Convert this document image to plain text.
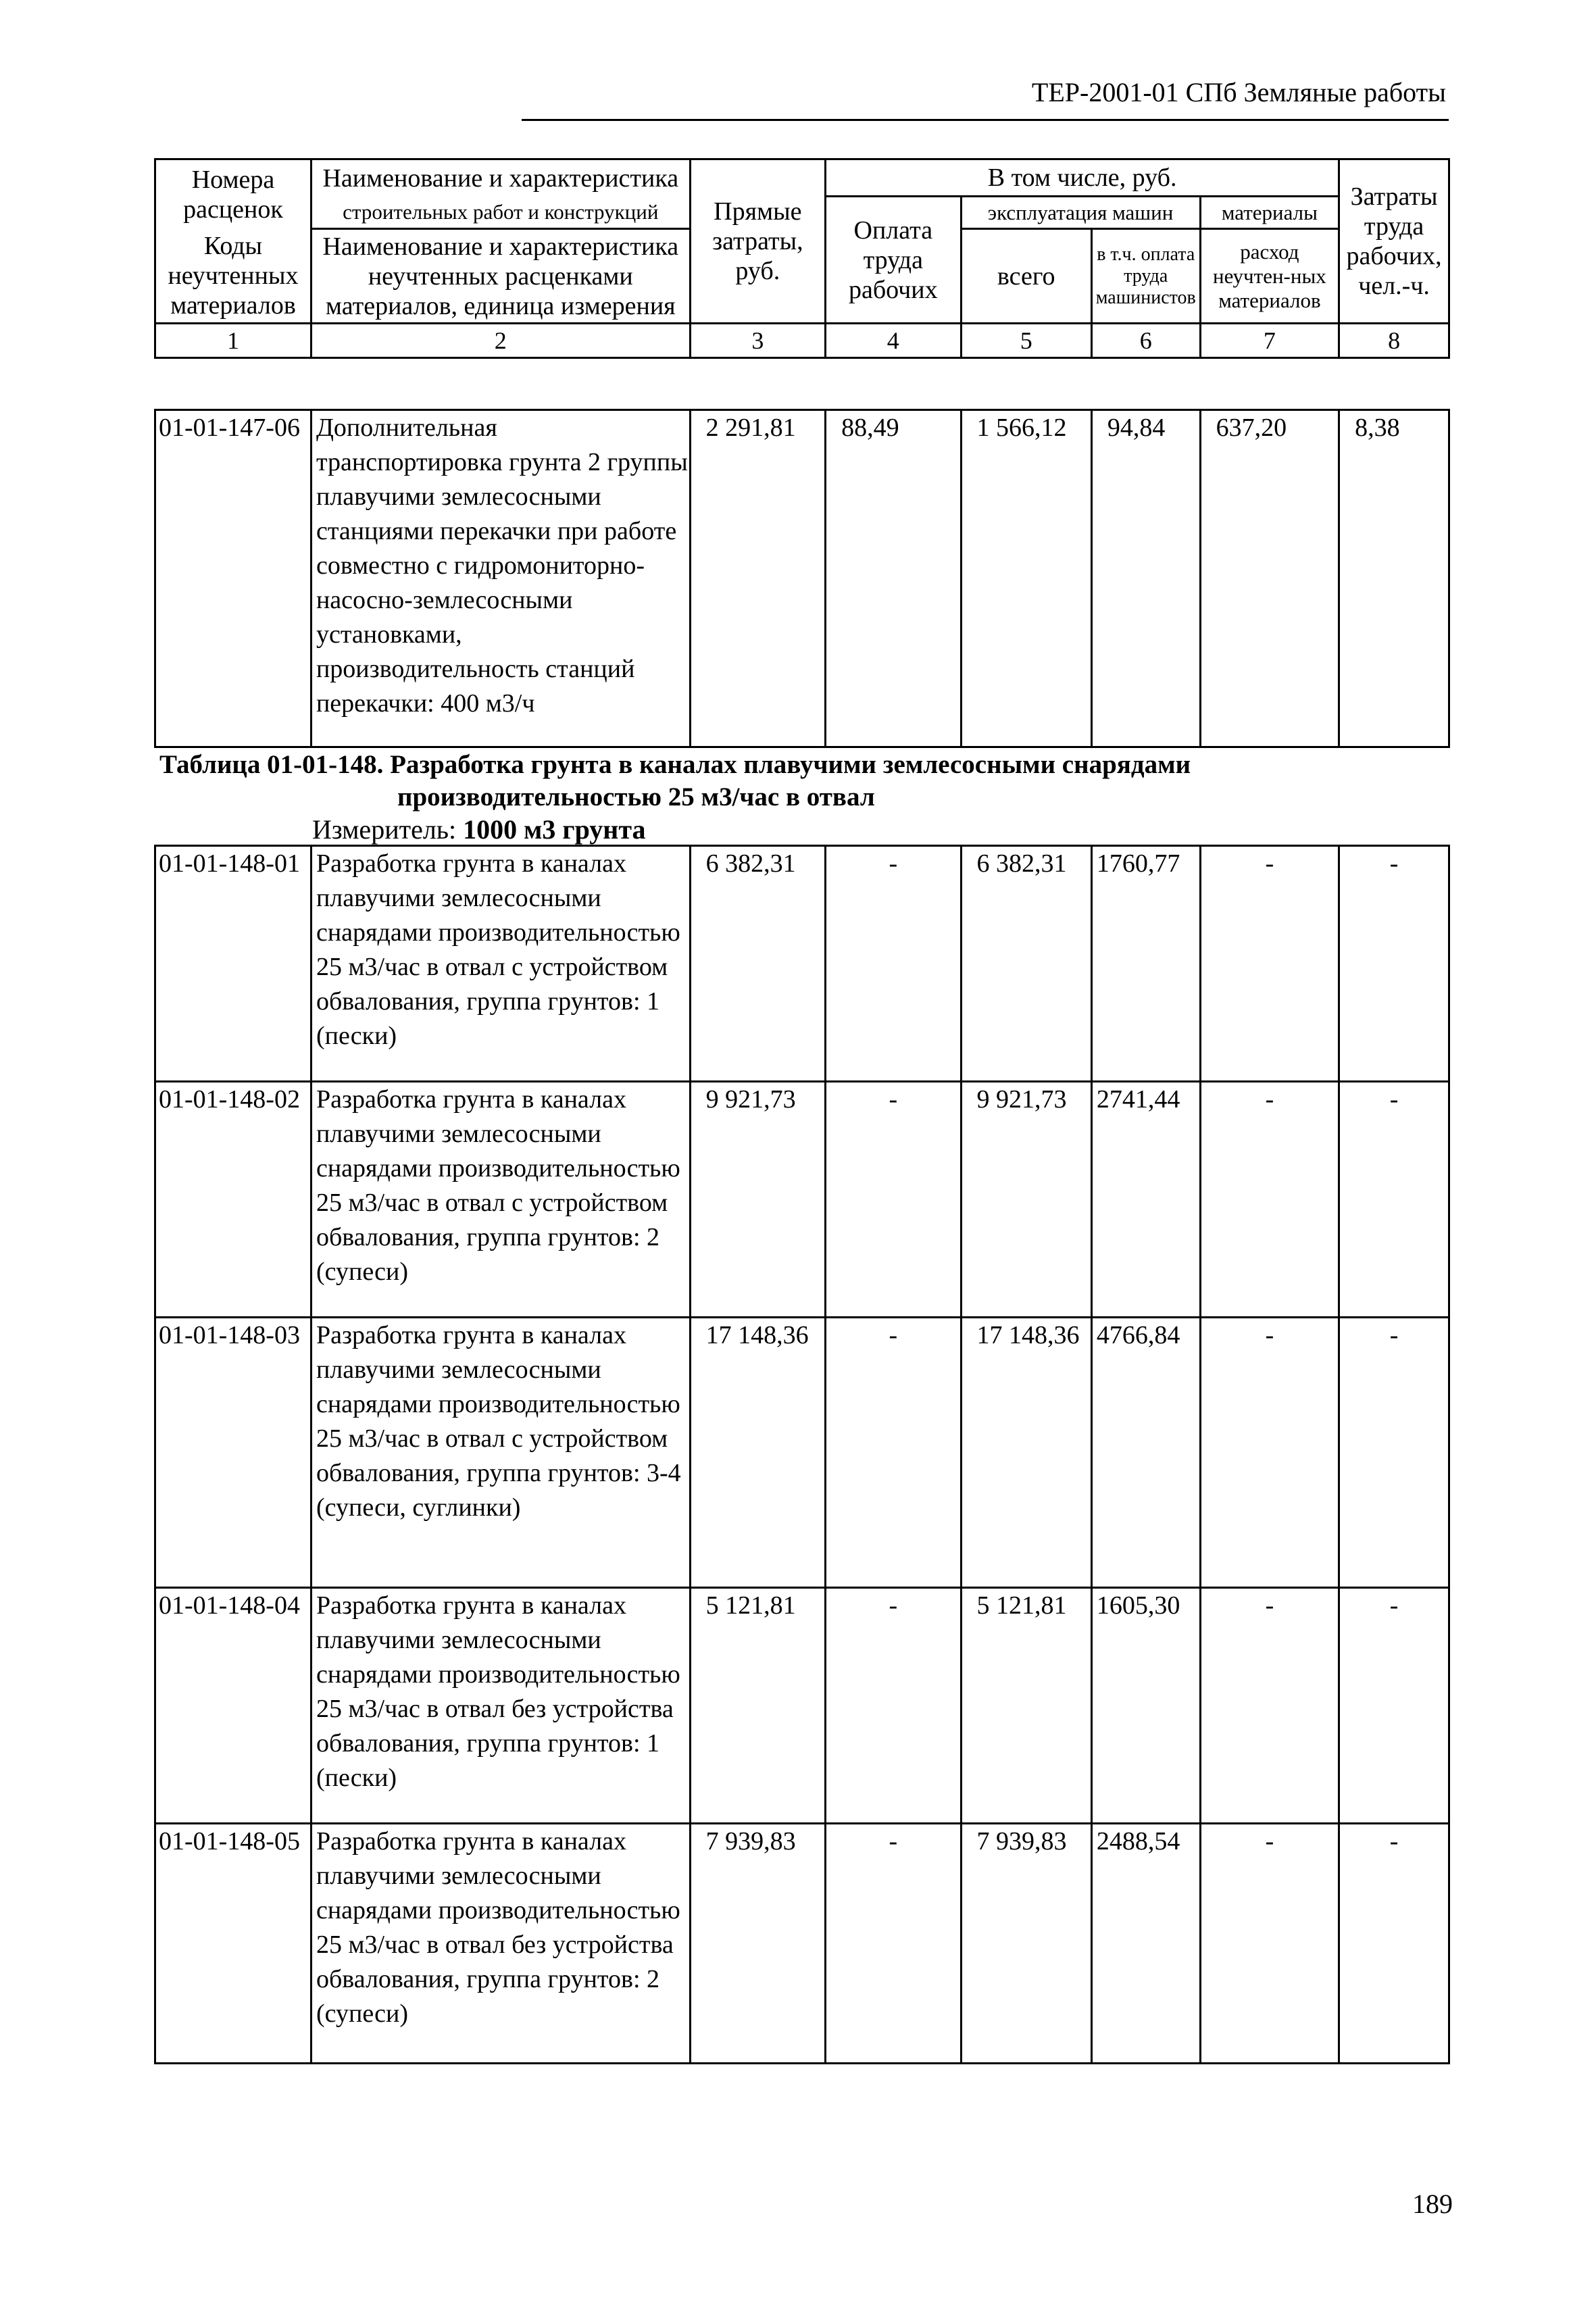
ТЕР-2001-01 СПб Земляные работы
Номера расценок	Наименование и характеристика	Прямые затраты, руб.	В том числе, руб.				Затраты труда рабочих, чел.-ч.
	строительных работ и конструкций		Оплата труда рабочих	эксплуатация машин		материалы	
Коды неучтенных материалов	Наименование и характеристика неучтенных расценками материалов, единица измерения			всего	в т.ч. оплата труда машинистов	расход неучтен-ных материалов	

1	2	3	4	5	6	7	8
01-01-147-06	Дополнительная транспортировка грунта 2 группы плавучими землесосными станциями перекачки при работе совместно с гидромониторно-насосно-землесосными установками, производительность станций перекачки: 400 м3/ч	2 291,81	88,49	1 566,12	94,84	637,20	8,38
Таблица 01-01-148. Разработка грунта в каналах плавучими землесосными снарядами
производительностью 25 м3/час в отвал
Измеритель: 1000 м3 грунта
01-01-148-01	Разработка грунта в каналах плавучими землесосными снарядами производительностью 25 м3/час в отвал с устройством обвалования, группа грунтов: 1 (пески)	6 382,31	-	6 382,31	1760,77	-	-
01-01-148-02	Разработка грунта в каналах плавучими землесосными снарядами производительностью 25 м3/час в отвал с устройством обвалования, группа грунтов: 2 (супеси)	9 921,73	-	9 921,73	2741,44	-	-
01-01-148-03	Разработка грунта в каналах плавучими землесосными снарядами производительностью 25 м3/час в отвал с устройством обвалования, группа грунтов: 3-4 (супеси, суглинки)	17 148,36	-	17 148,36	4766,84	-	-
01-01-148-04	Разработка грунта в каналах плавучими землесосными снарядами производительностью 25 м3/час в отвал без устройства обвалования, группа грунтов: 1 (пески)	5 121,81	-	5 121,81	1605,30	-	-
01-01-148-05	Разработка грунта в каналах плавучими землесосными снарядами производительностью 25 м3/час в отвал без устройства обвалования, группа грунтов: 2 (супеси)	7 939,83	-	7 939,83	2488,54	-	-
189
